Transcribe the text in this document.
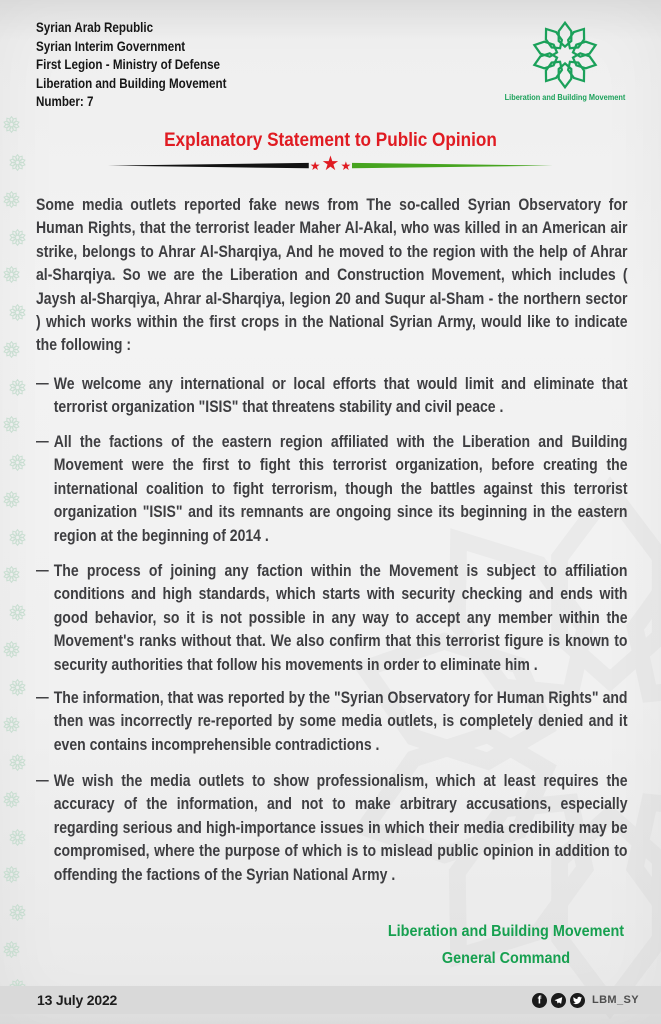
Syrian Arab Republic
Syrian Interim Government
First Legion - Ministry of Defense
Liberation and Building Movement
Number: 7	Liberation and Building Movement
Explanatory Statement to Public Opinion
★ ★ ★

Some media outlets reported fake news from The so-called Syrian Observatory for Human Rights, that the terrorist leader Maher Al-Akal, who was killed in an American air strike, belongs to Ahrar Al-Sharqiya, And he moved to the region with the help of Ahrar al-Sharqiya. So we are the Liberation and Construction Movement, which includes ( Jaysh al-Sharqiya, Ahrar al-Sharqiya, legion 20 and Suqur al-Sham - the northern sector ) which works within the first crops in the National Syrian Army, would like to indicate the following :

— We welcome any international or local efforts that would limit and eliminate that terrorist organization "ISIS" that threatens stability and civil peace .
— All the factions of the eastern region affiliated with the Liberation and Building Movement were the first to fight this terrorist organization, before creating the international coalition to fight terrorism, though the battles against this terrorist organization "ISIS" and its remnants are ongoing since its beginning in the eastern region at the beginning of 2014 .
— The process of joining any faction within the Movement is subject to affiliation conditions and high standards, which starts with security checking and ends with good behavior, so it is not possible in any way to accept any member within the Movement's ranks without that. We also confirm that this terrorist figure is known to security authorities that follow his movements in order to eliminate him .
— The information, that was reported by the "Syrian Observatory for Human Rights" and then was incorrectly re-reported by some media outlets, is completely denied and it even contains incomprehensible contradictions .
— We wish the media outlets to show professionalism, which at least requires the accuracy of the information, and not to make arbitrary accusations, especially regarding serious and high-importance issues in which their media credibility may be compromised, where the purpose of which is to mislead public opinion in addition to offending the factions of the Syrian National Army .
Liberation and Building Movement
General Command
13 July 2022	f	LBM_SY
